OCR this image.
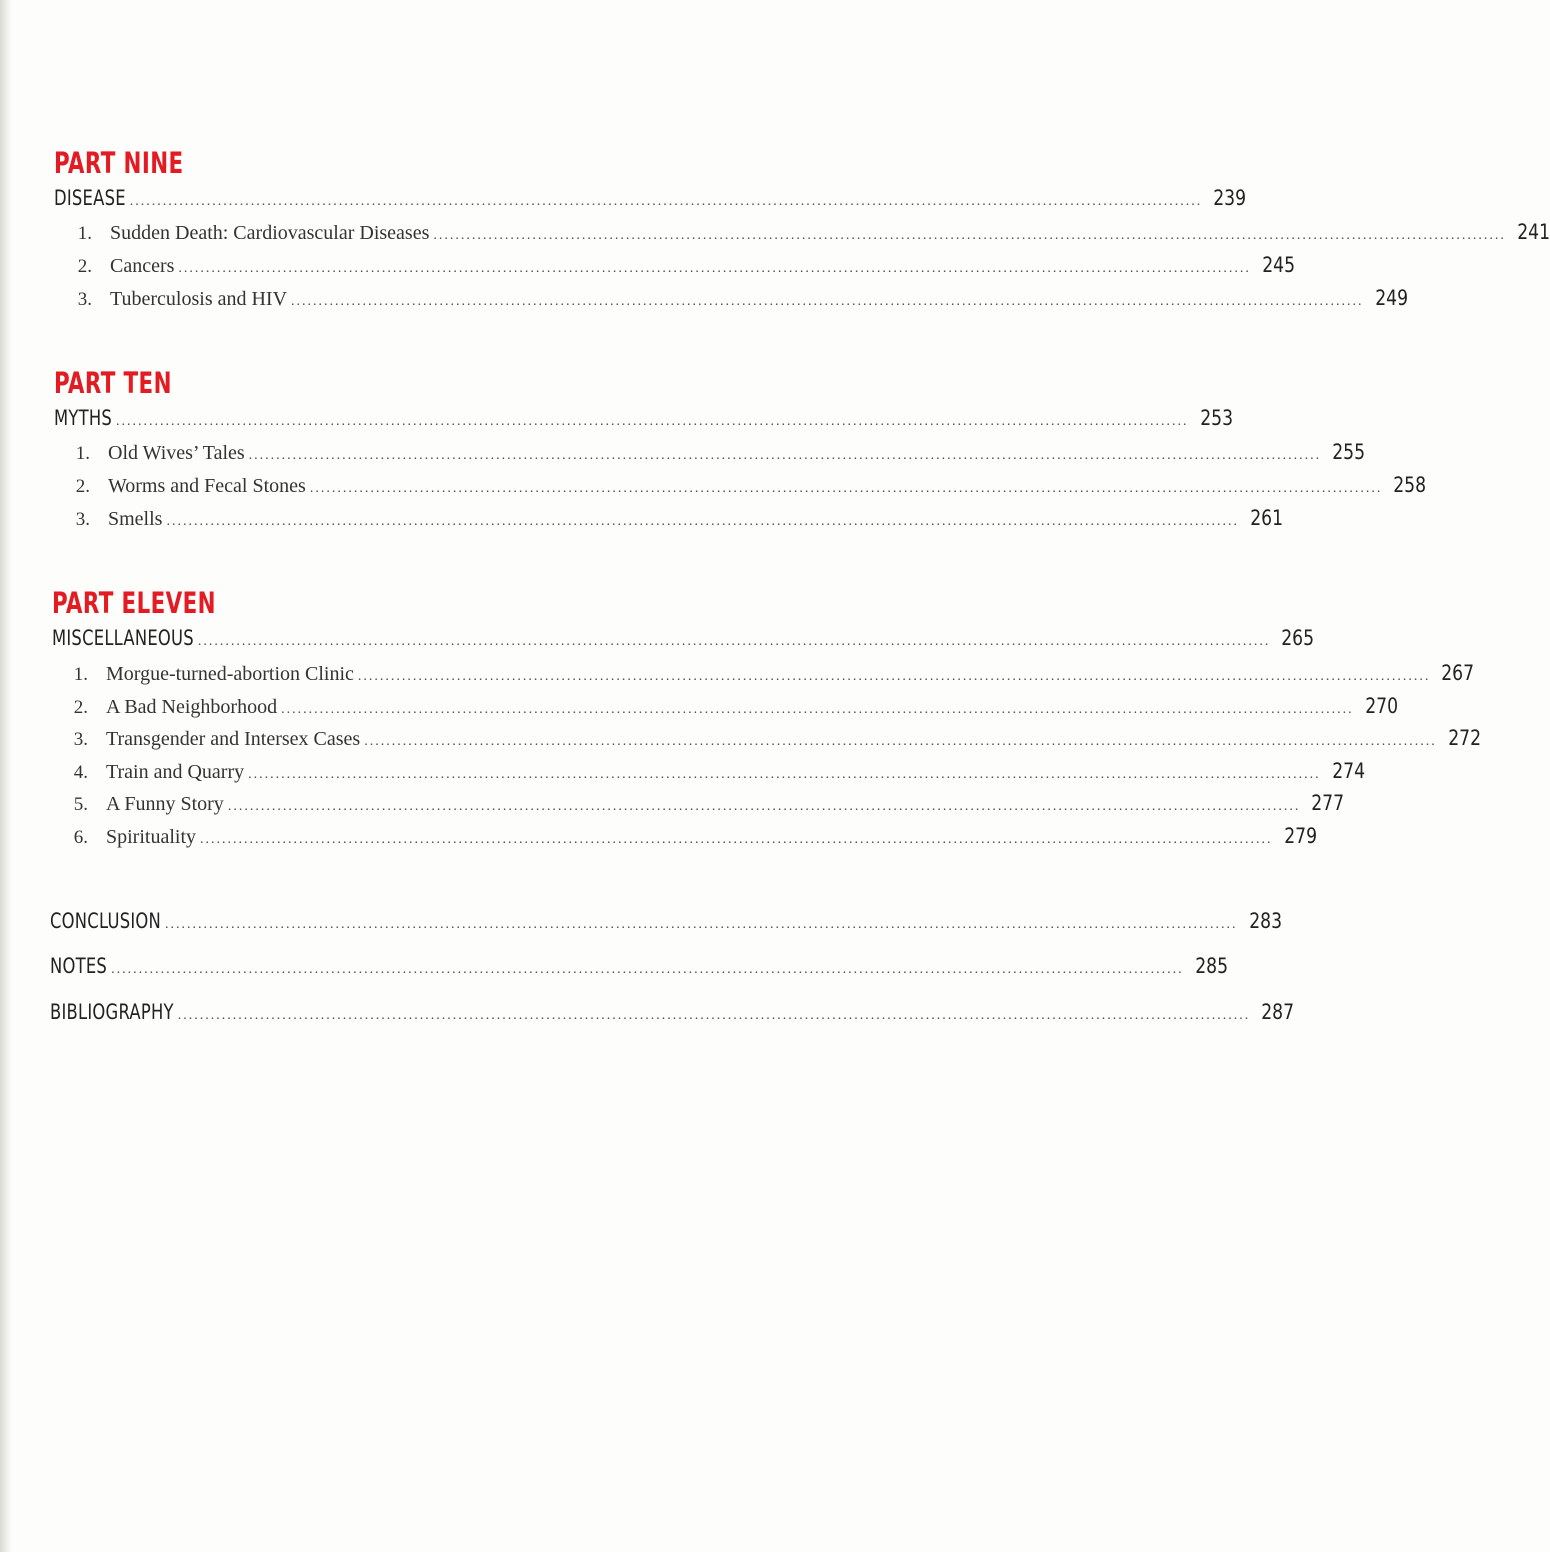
PART NINE
DISEASE ................................................................................................................................................................................................... 239
1. Sudden Death: Cardiovascular Diseases ................................................................................................................................................................................................... 241
2. Cancers ................................................................................................................................................................................................... 245
3. Tuberculosis and HIV ................................................................................................................................................................................................... 249
PART TEN
MYTHS ................................................................................................................................................................................................... 253
1. Old Wives’ Tales ................................................................................................................................................................................................... 255
2. Worms and Fecal Stones ................................................................................................................................................................................................... 258
3. Smells ................................................................................................................................................................................................... 261
PART ELEVEN
MISCELLANEOUS ................................................................................................................................................................................................... 265
1. Morgue-turned-abortion Clinic ................................................................................................................................................................................................... 267
2. A Bad Neighborhood ................................................................................................................................................................................................... 270
3. Transgender and Intersex Cases ................................................................................................................................................................................................... 272
4. Train and Quarry ................................................................................................................................................................................................... 274
5. A Funny Story ................................................................................................................................................................................................... 277
6. Spirituality ................................................................................................................................................................................................... 279
CONCLUSION ................................................................................................................................................................................................... 283
NOTES ................................................................................................................................................................................................... 285
BIBLIOGRAPHY ................................................................................................................................................................................................... 287
